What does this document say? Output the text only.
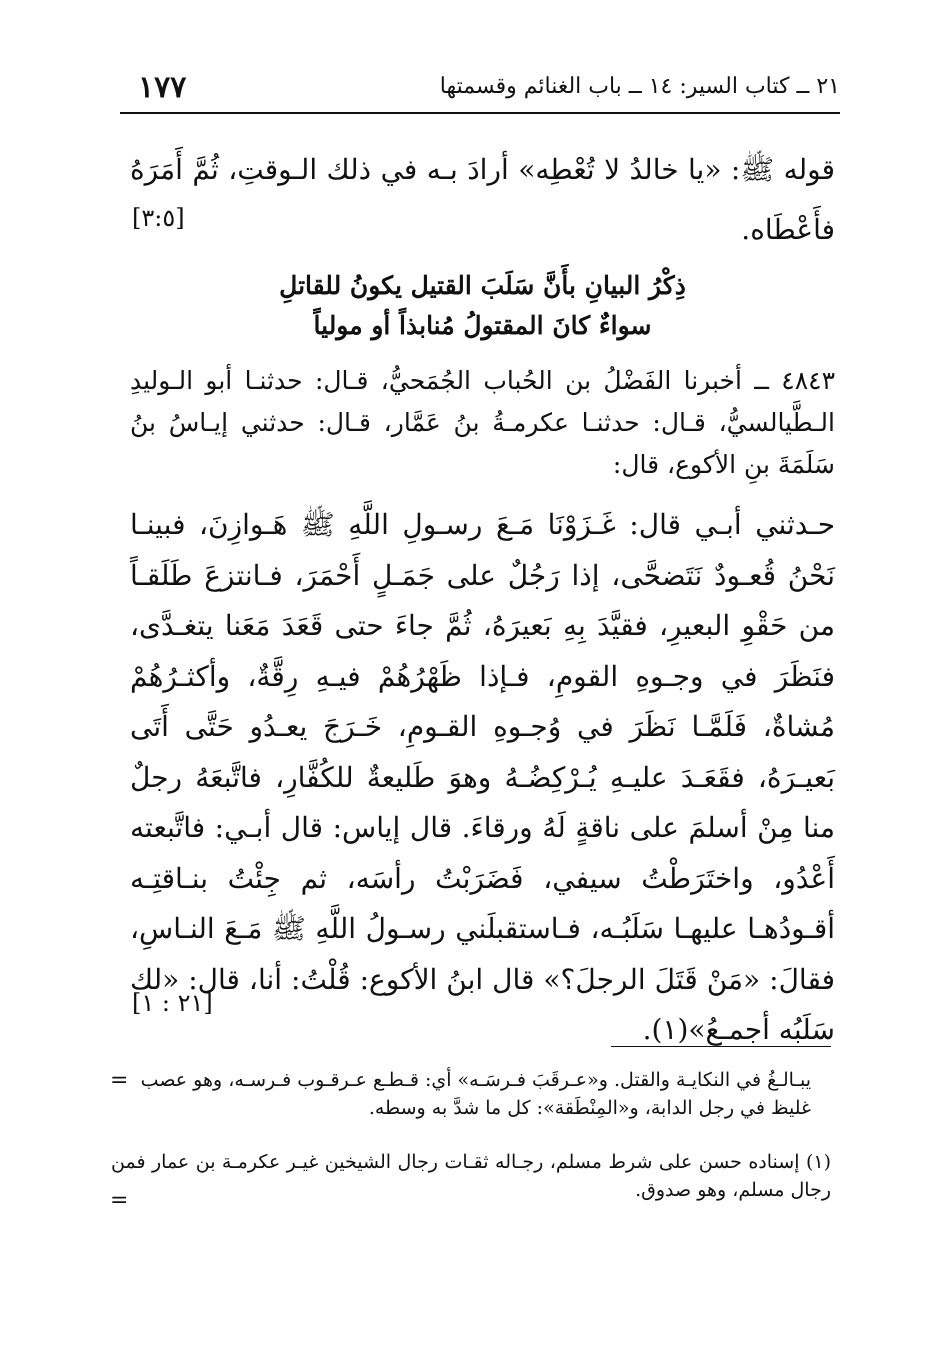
٢١ ــ كتاب السير: ١٤ ــ باب الغنائم وقسمتها
١٧٧
قوله ﷺ: «يا خالدُ لا تُعْطِه» أرادَ بـه في ذلك الـوقتِ، ثُمَّ أَمَرَهُ فأَعْطَاه.
[٣:٥]
ذِكْرُ البيانِ بأَنَّ سَلَبَ القتيل يكونُ للقاتلِ
سواءٌ كانَ المقتولُ مُنابذاً أو مولياً
٤٨٤٣ ــ أخبرنا الفَضْلُ بن الحُباب الجُمَحيُّ، قـال: حدثنـا أبو الـوليدِ الـطَّيالسيُّ، قـال: حدثنـا عكرمـةُ بنُ عَمَّار، قـال: حدثني إيـاسُ بنُ سَلَمَةَ بنِ الأكوع، قال:
حـدثني أبـي قال: غَـزَوْنَا مَـعَ رسـولِ اللَّهِ ﷺ هَـوازِنَ، فبينـا نَحْنُ قُعـودٌ نَتَضحَّى، إذا رَجُلٌ على جَمَـلٍ أَحْمَرَ، فـانتزعَ طَلَقـاً من حَقْوِ البعيرِ، فقيَّدَ بِهِ بَعيرَهُ، ثُمَّ جاءَ حتى قَعَدَ مَعَنا يتغـدَّى، فنَظَرَ في وجـوهِ القومِ، فـإذا ظَهْرُهُمْ فيـهِ رِقَّةٌ، وأكثـرُهُمْ مُشاةٌ، فَلَمَّـا نَظَرَ في وُجـوهِ القـومِ، خَـرَجَ يعـدُو حَتَّى أَتَى بَعيـرَهُ، فقَعَـدَ عليـهِ يُـرْكِضُـهُ وهوَ طَليعةٌ للكُفَّارِ، فاتَّبعَهُ رجلٌ منا مِنْ أسلمَ على ناقةٍ لَهُ ورقاءَ. قال إياس: قال أبـي: فاتَّبعته أَعْدُو، واختَرَطْتُ سيفي، فَضَرَبْتُ رأسَه، ثم جِئْتُ بنـاقتِـه أقـودُهـا عليهـا سَلَبُـه، فـاستقبلَني رسـولُ اللَّهِ ﷺ مَـعَ النـاسِ، فقالَ: «مَنْ قَتَلَ الرجلَ؟» قال ابنُ الأكوع: قُلْتُ: أنا، قال: «لك سَلَبُه أجمـعُ»(١).
[٢١ : ١]
= يبـالـغُ في النكايـة والقتل. و«عـرقَبَ فـرسَـه» أي: قـطـع عـرقـوب فـرسـه، وهو عصب غليظ في رجل الدابة، و«المِنْطَقة»: كل ما شدَّ به وسطه.
(١) إسناده حسن على شرط مسلم، رجـاله ثقـات رجال الشيخين غيـر عكرمـة بن عمار فمن رجال مسلم، وهو صدوق.
=
